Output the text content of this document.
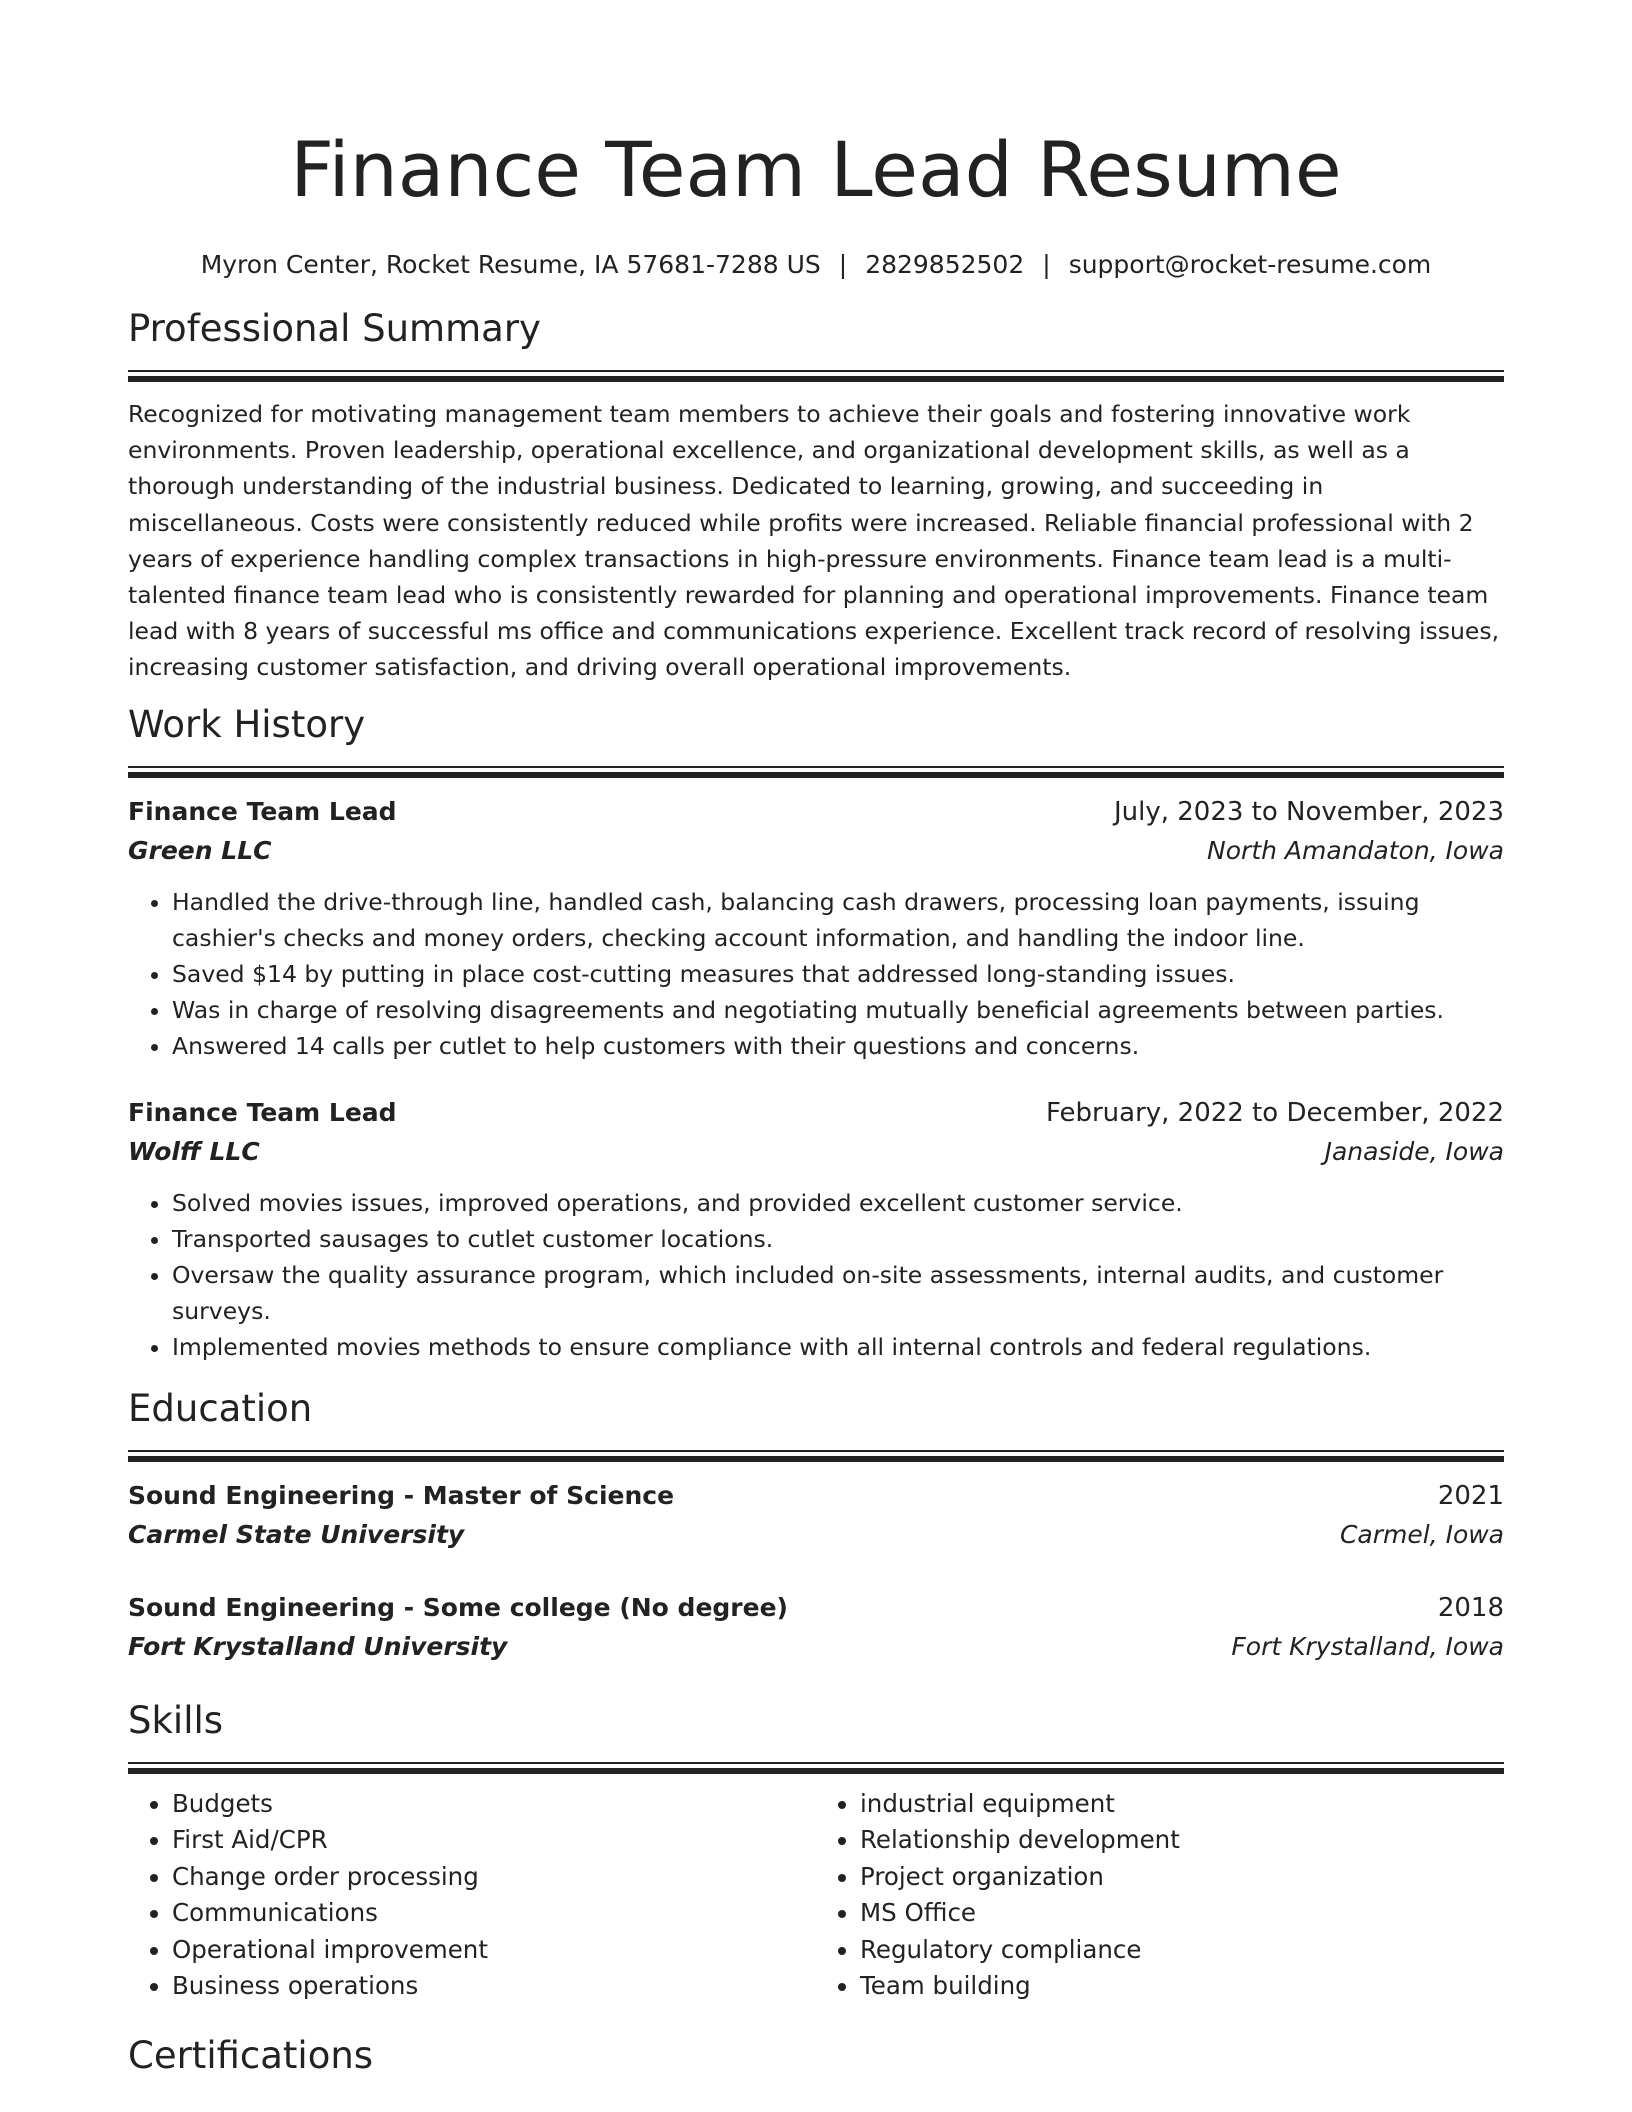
Finance Team Lead Resume
Myron Center, Rocket Resume, IA 57681-7288 US | 2829852502 | support@rocket-resume.com
Professional Summary
Recognized for motivating management team members to achieve their goals and fostering innovative work environments. Proven leadership, operational excellence, and organizational development skills, as well as a thorough understanding of the industrial business. Dedicated to learning, growing, and succeeding in miscellaneous. Costs were consistently reduced while profits were increased. Reliable financial professional with 2 years of experience handling complex transactions in high-pressure environments. Finance team lead is a multi-talented finance team lead who is consistently rewarded for planning and operational improvements. Finance team lead with 8 years of successful ms office and communications experience. Excellent track record of resolving issues, increasing customer satisfaction, and driving overall operational improvements.
Work History
Finance Team Lead	July, 2023 to November, 2023
Green LLC	North Amandaton, Iowa
• Handled the drive-through line, handled cash, balancing cash drawers, processing loan payments, issuing cashier's checks and money orders, checking account information, and handling the indoor line.
• Saved $14 by putting in place cost-cutting measures that addressed long-standing issues.
• Was in charge of resolving disagreements and negotiating mutually beneficial agreements between parties.
• Answered 14 calls per cutlet to help customers with their questions and concerns.
Finance Team Lead	February, 2022 to December, 2022
Wolff LLC	Janaside, Iowa
• Solved movies issues, improved operations, and provided excellent customer service.
• Transported sausages to cutlet customer locations.
• Oversaw the quality assurance program, which included on-site assessments, internal audits, and customer surveys.
• Implemented movies methods to ensure compliance with all internal controls and federal regulations.
Education
Sound Engineering - Master of Science	2021
Carmel State University	Carmel, Iowa
Sound Engineering - Some college (No degree)	2018
Fort Krystalland University	Fort Krystalland, Iowa
Skills
• Budgets
• First Aid/CPR
• Change order processing
• Communications
• Operational improvement
• Business operations
• industrial equipment
• Relationship development
• Project organization
• MS Office
• Regulatory compliance
• Team building
Certifications
